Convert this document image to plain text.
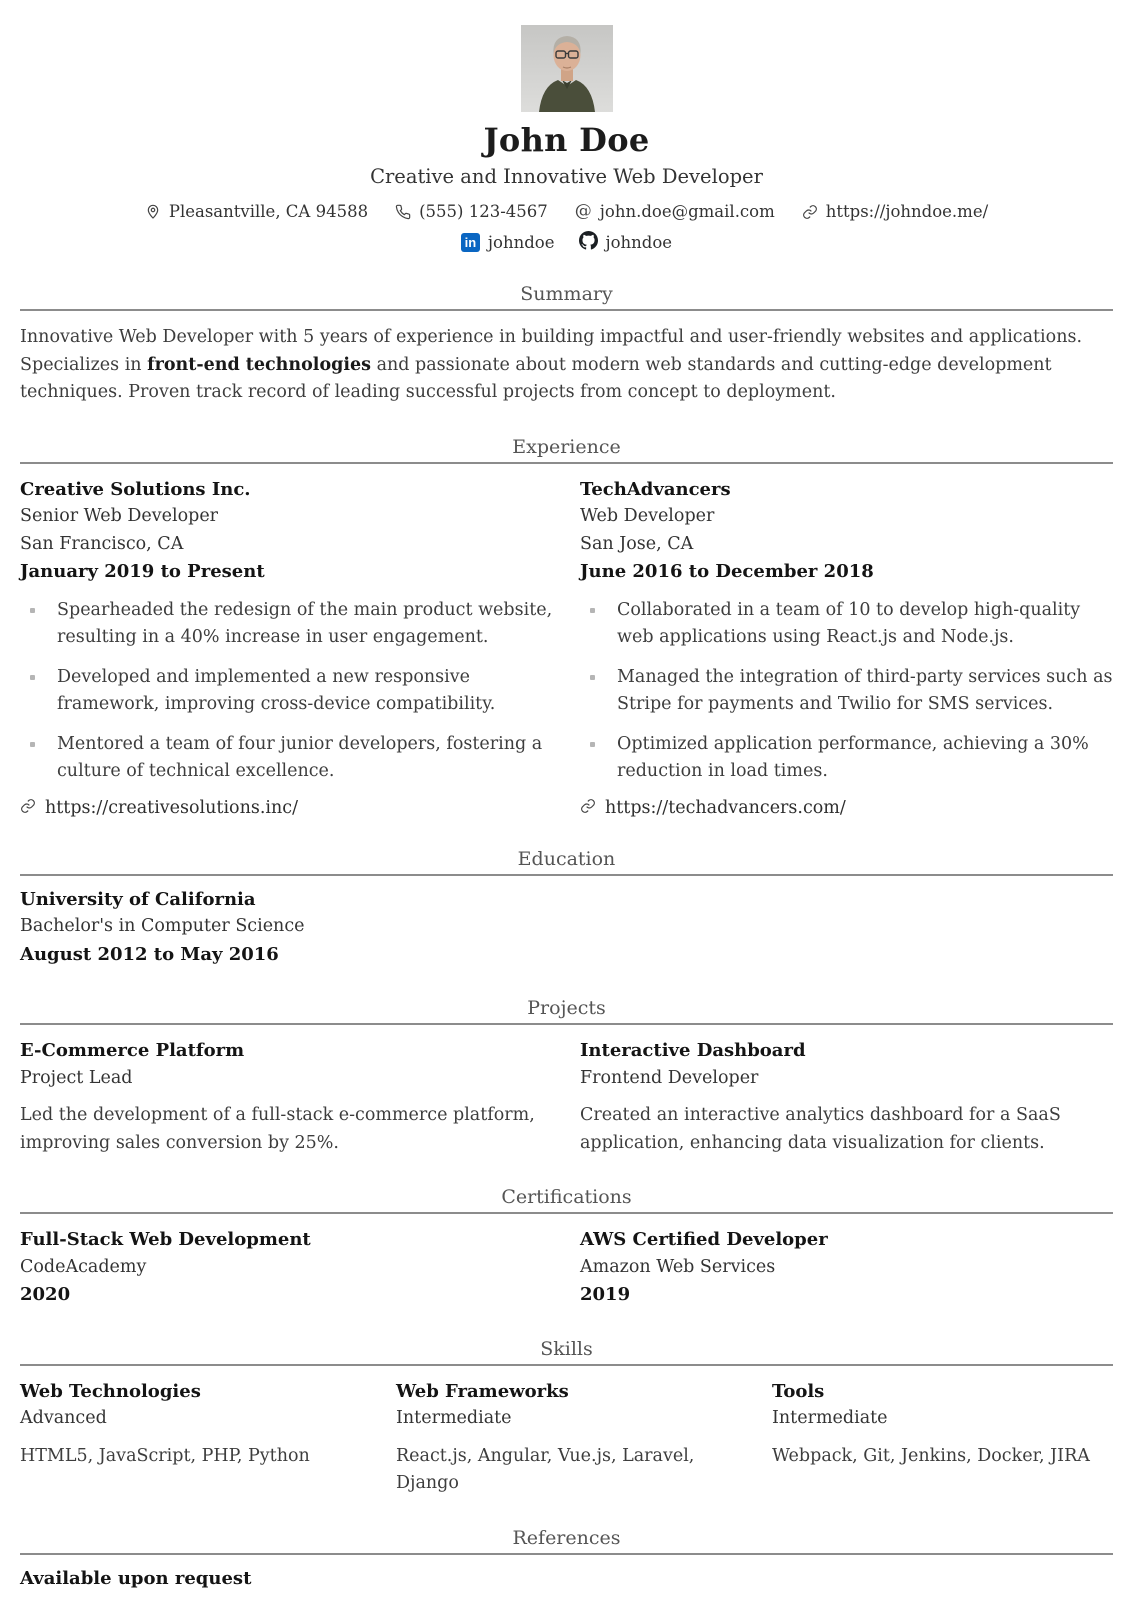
John Doe
Creative and Innovative Web Developer
Pleasantville, CA 94588	(555) 123-4567 @ john.doe@gmail.com	https://johndoe.me/
in johndoe	johndoe
Summary

Innovative Web Developer with 5 years of experience in building impactful and user-friendly websites and applications. Specializes in front-end technologies and passionate about modern web standards and cutting-edge development techniques. Proven track record of leading successful projects from concept to deployment.

Experience
Creative Solutions Inc.
Senior Web Developer
San Francisco, CA
January 2019 to Present
Spearheaded the redesign of the main product website, resulting in a 40% increase in user engagement.
Developed and implemented a new responsive framework, improving cross-device compatibility.
Mentored a team of four junior developers, fostering a culture of technical excellence.
https://creativesolutions.inc/
TechAdvancers
Web Developer
San Jose, CA
June 2016 to December 2018
Collaborated in a team of 10 to develop high-quality web applications using React.js and Node.js.
Managed the integration of third-party services such as Stripe for payments and Twilio for SMS services.
Optimized application performance, achieving a 30% reduction in load times.
https://techadvancers.com/
Education
University of California
Bachelor's in Computer Science
August 2012 to May 2016
Projects
E-Commerce Platform
Project Lead
Led the development of a full-stack e-commerce platform, improving sales conversion by 25%.
Interactive Dashboard
Frontend Developer
Created an interactive analytics dashboard for a SaaS application, enhancing data visualization for clients.
Certifications
Full-Stack Web Development
CodeAcademy
2020
AWS Certified Developer
Amazon Web Services
2019
Skills
Web Technologies
Advanced
HTML5, JavaScript, PHP, Python
Web Frameworks
Intermediate
React.js, Angular, Vue.js, Laravel, Django
Tools
Intermediate
Webpack, Git, Jenkins, Docker, JIRA
References
Available upon request
